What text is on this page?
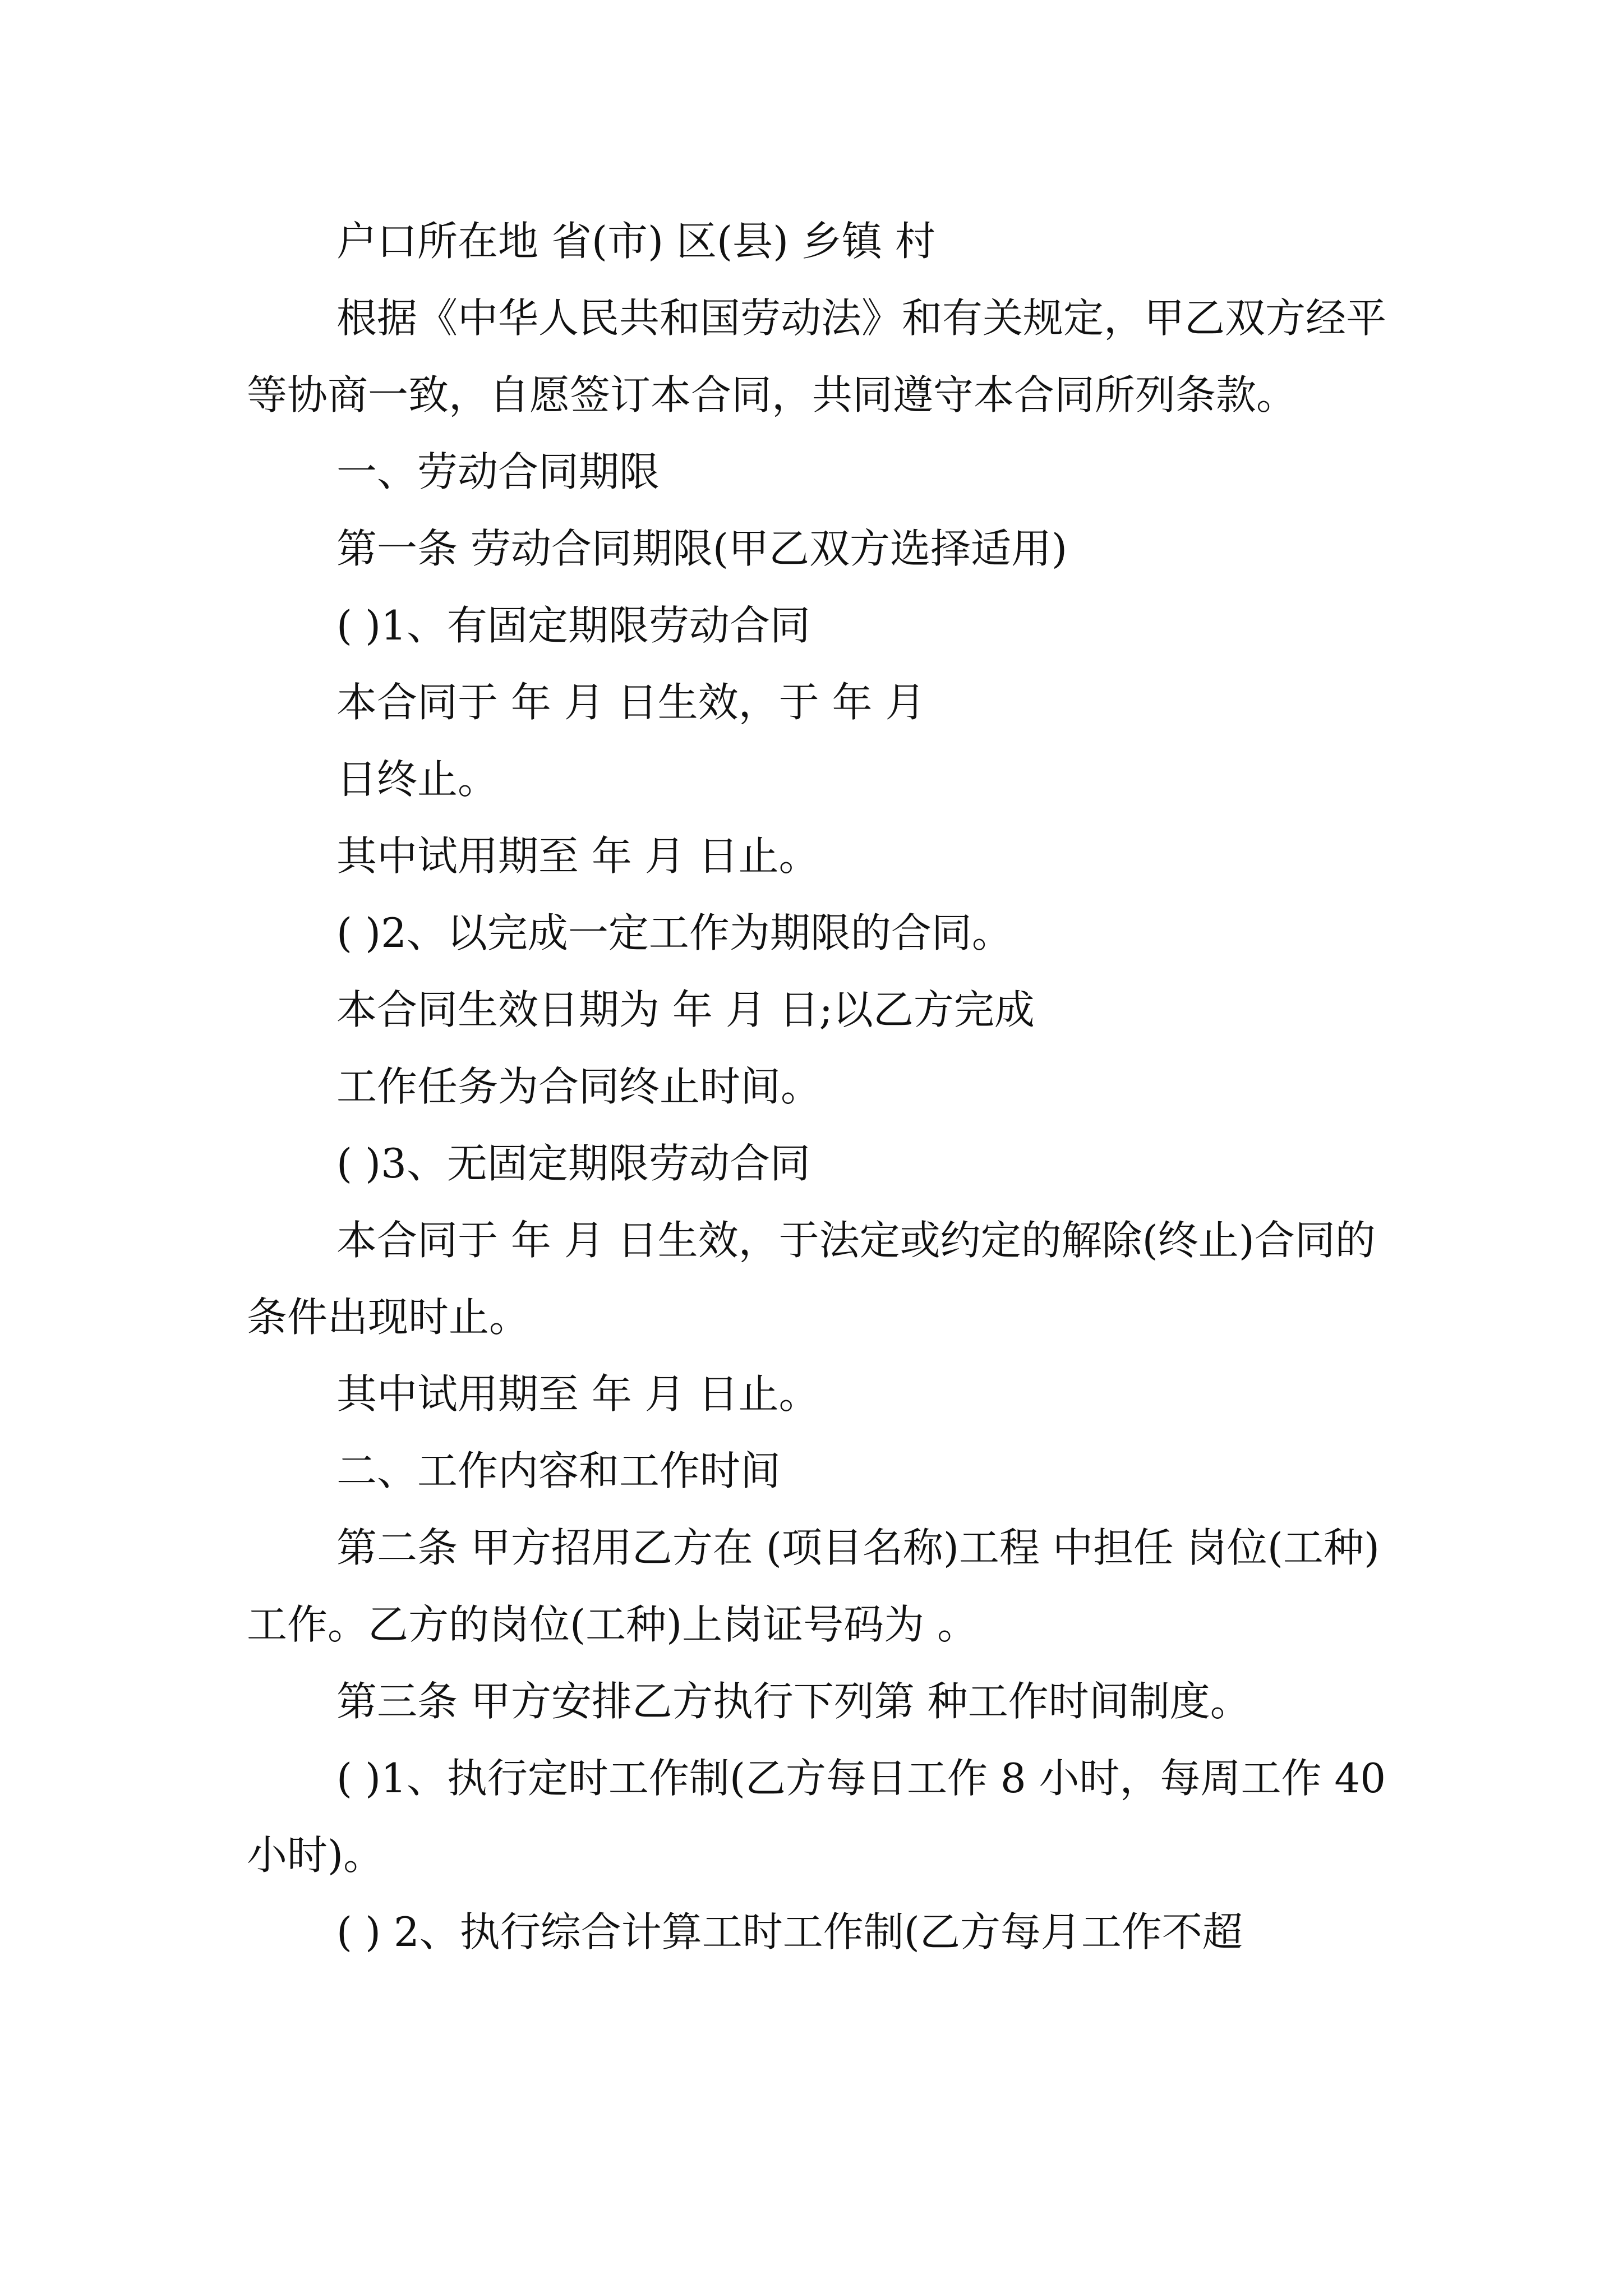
户口所在地 省(市) 区(县) 乡镇 村

根据《中华人民共和国劳动法》和有关规定，甲乙双方经平等协商一致，自愿签订本合同，共同遵守本合同所列条款。

一、劳动合同期限

第一条 劳动合同期限(甲乙双方选择适用)

( )1、有固定期限劳动合同

本合同于 年 月 日生效，于 年 月

日终止。

其中试用期至 年 月 日止。

( )2、以完成一定工作为期限的合同。

本合同生效日期为 年 月 日;以乙方完成

工作任务为合同终止时间。

( )3、无固定期限劳动合同

本合同于 年 月 日生效，于法定或约定的解除(终止)合同的条件出现时止。

其中试用期至 年 月 日止。

二、工作内容和工作时间

第二条 甲方招用乙方在 (项目名称)工程 中担任 岗位(工种)工作。乙方的岗位(工种)上岗证号码为 。

第三条 甲方安排乙方执行下列第 种工作时间制度。

( )1、执行定时工作制(乙方每日工作 8 小时，每周工作 40 小时)。

( ) 2、执行综合计算工时工作制(乙方每月工作不超
